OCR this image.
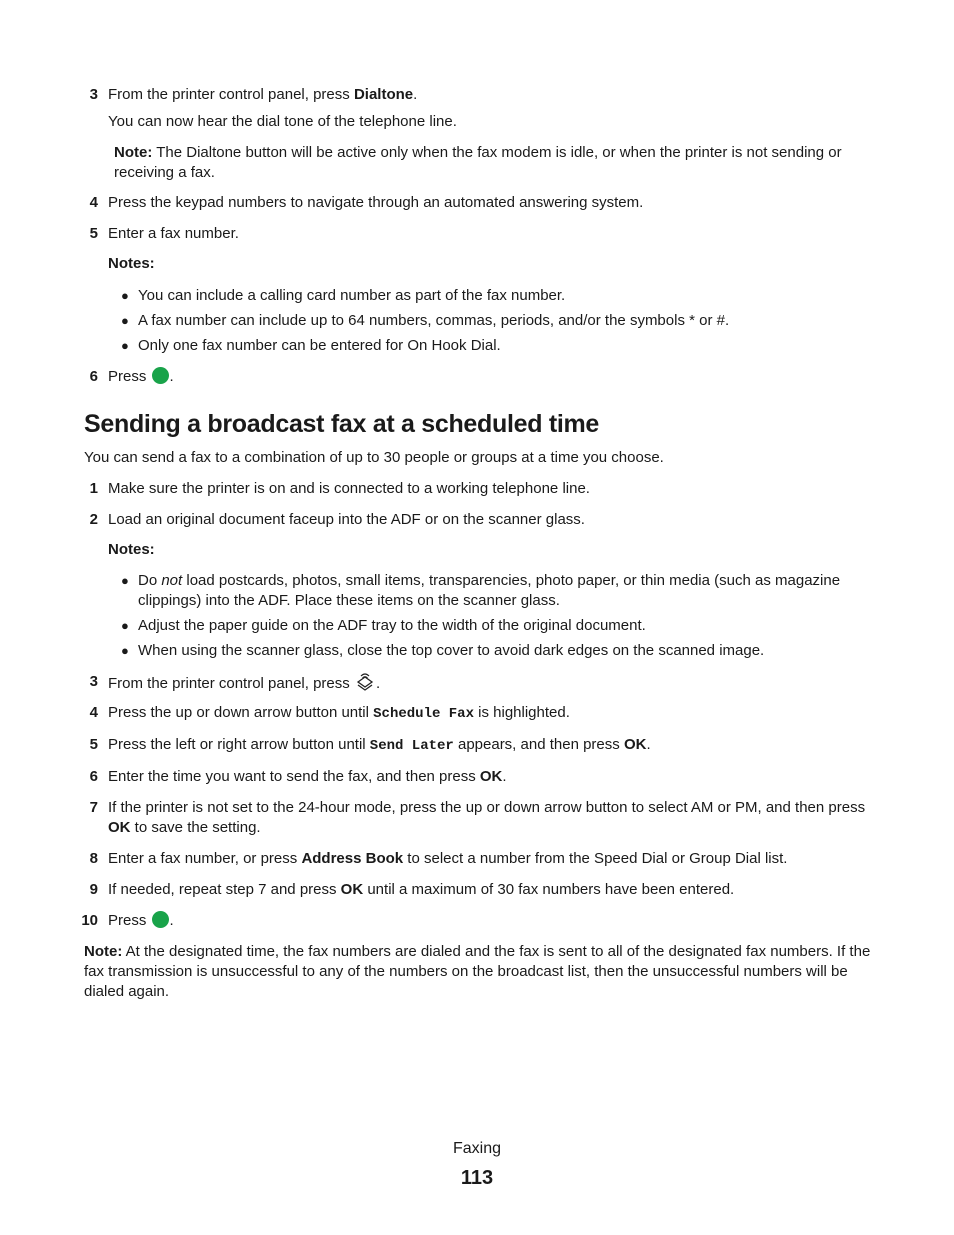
3 From the printer control panel, press Dialtone.
You can now hear the dial tone of the telephone line.
Note: The Dialtone button will be active only when the fax modem is idle, or when the printer is not sending or receiving a fax.
4 Press the keypad numbers to navigate through an automated answering system.
5 Enter a fax number.
Notes:
● You can include a calling card number as part of the fax number.
● A fax number can include up to 64 numbers, commas, periods, and/or the symbols * or #.
● Only one fax number can be entered for On Hook Dial.
6 Press .
Sending a broadcast fax at a scheduled time
You can send a fax to a combination of up to 30 people or groups at a time you choose.
1 Make sure the printer is on and is connected to a working telephone line.
2 Load an original document faceup into the ADF or on the scanner glass.
Notes:
● Do not load postcards, photos, small items, transparencies, photo paper, or thin media (such as magazine clippings) into the ADF. Place these items on the scanner glass.
● Adjust the paper guide on the ADF tray to the width of the original document.
● When using the scanner glass, close the top cover to avoid dark edges on the scanned image.
3 From the printer control panel, press .
4 Press the up or down arrow button until Schedule Fax is highlighted.
5 Press the left or right arrow button until Send Later appears, and then press OK.
6 Enter the time you want to send the fax, and then press OK.
7 If the printer is not set to the 24-hour mode, press the up or down arrow button to select AM or PM, and then press OK to save the setting.
8 Enter a fax number, or press Address Book to select a number from the Speed Dial or Group Dial list.
9 If needed, repeat step 7 and press OK until a maximum of 30 fax numbers have been entered.
10 Press .
Note: At the designated time, the fax numbers are dialed and the fax is sent to all of the designated fax numbers. If the fax transmission is unsuccessful to any of the numbers on the broadcast list, then the unsuccessful numbers will be dialed again.
Faxing
113
